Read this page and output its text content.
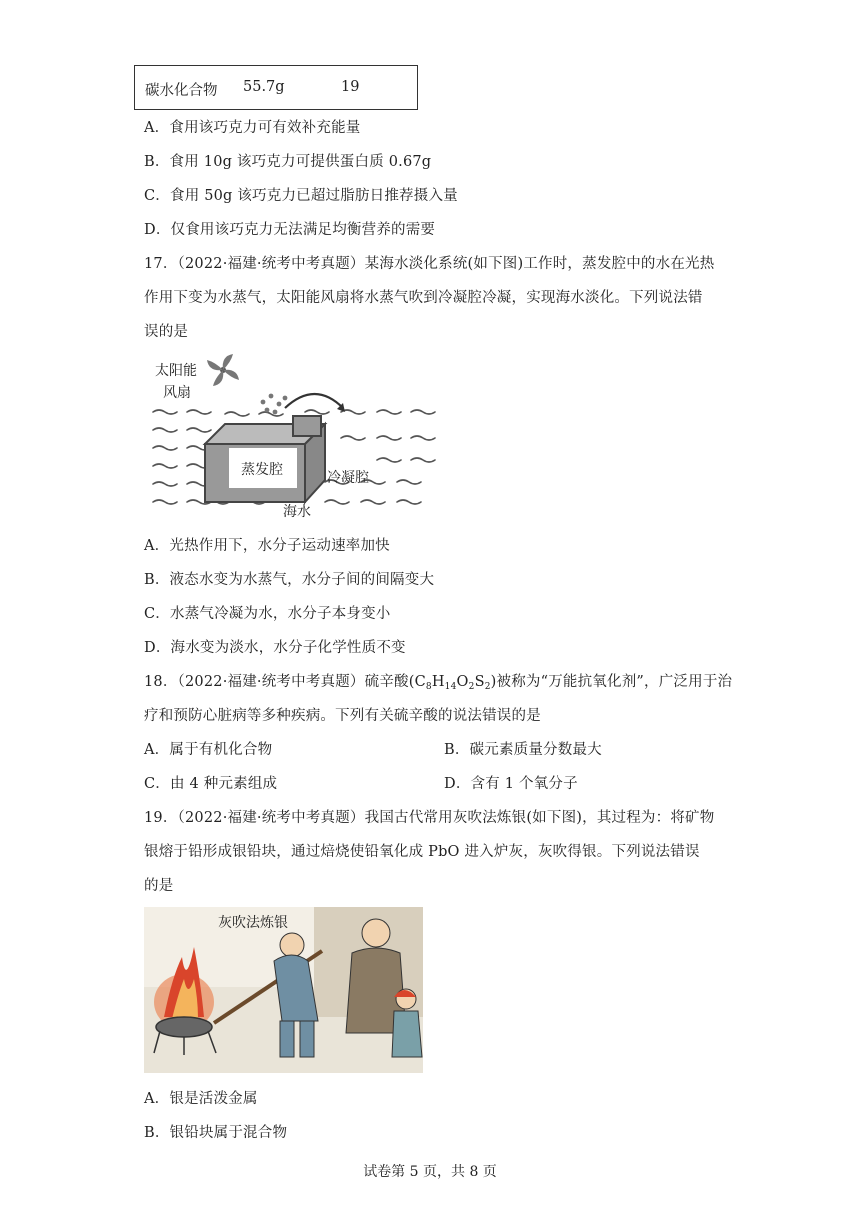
碳水化合物 55.7g	19
A．食用该巧克力可有效补充能量
B．食用 10g 该巧克力可提供蛋白质 0.67g
C．食用 50g 该巧克力已超过脂肪日推荐摄入量
D．仅食用该巧克力无法满足均衡营养的需要
17．（2022·福建·统考中考真题）某海水淡化系统(如下图)工作时，蒸发腔中的水在光热
作用下变为水蒸气，太阳能风扇将水蒸气吹到冷凝腔冷凝，实现海水淡化。下列说法错
误的是
太阳能
风扇
蒸发腔	冷凝腔
海水
A．光热作用下，水分子运动速率加快
B．液态水变为水蒸气，水分子间的间隔变大
C．水蒸气冷凝为水，水分子本身变小
D．海水变为淡水，水分子化学性质不变
18．（2022·福建·统考中考真题）硫辛酸$(C_8H_{14}O_2S_2)$被称为“万能抗氧化剂”，广泛用于治
疗和预防心脏病等多种疾病。下列有关硫辛酸的说法错误的是
A．属于有机化合物	B．碳元素质量分数最大
C．由 4 种元素组成	D．含有 1 个氧分子
19．（2022·福建·统考中考真题）我国古代常用灰吹法炼银(如下图)，其过程为：将矿物
银熔于铅形成银铅块，通过焙烧使铅氧化成 PbO 进入炉灰，灰吹得银。下列说法错误
的是
灰吹法炼银
A．银是活泼金属
B．银铅块属于混合物
试卷第 5 页，共 8 页
